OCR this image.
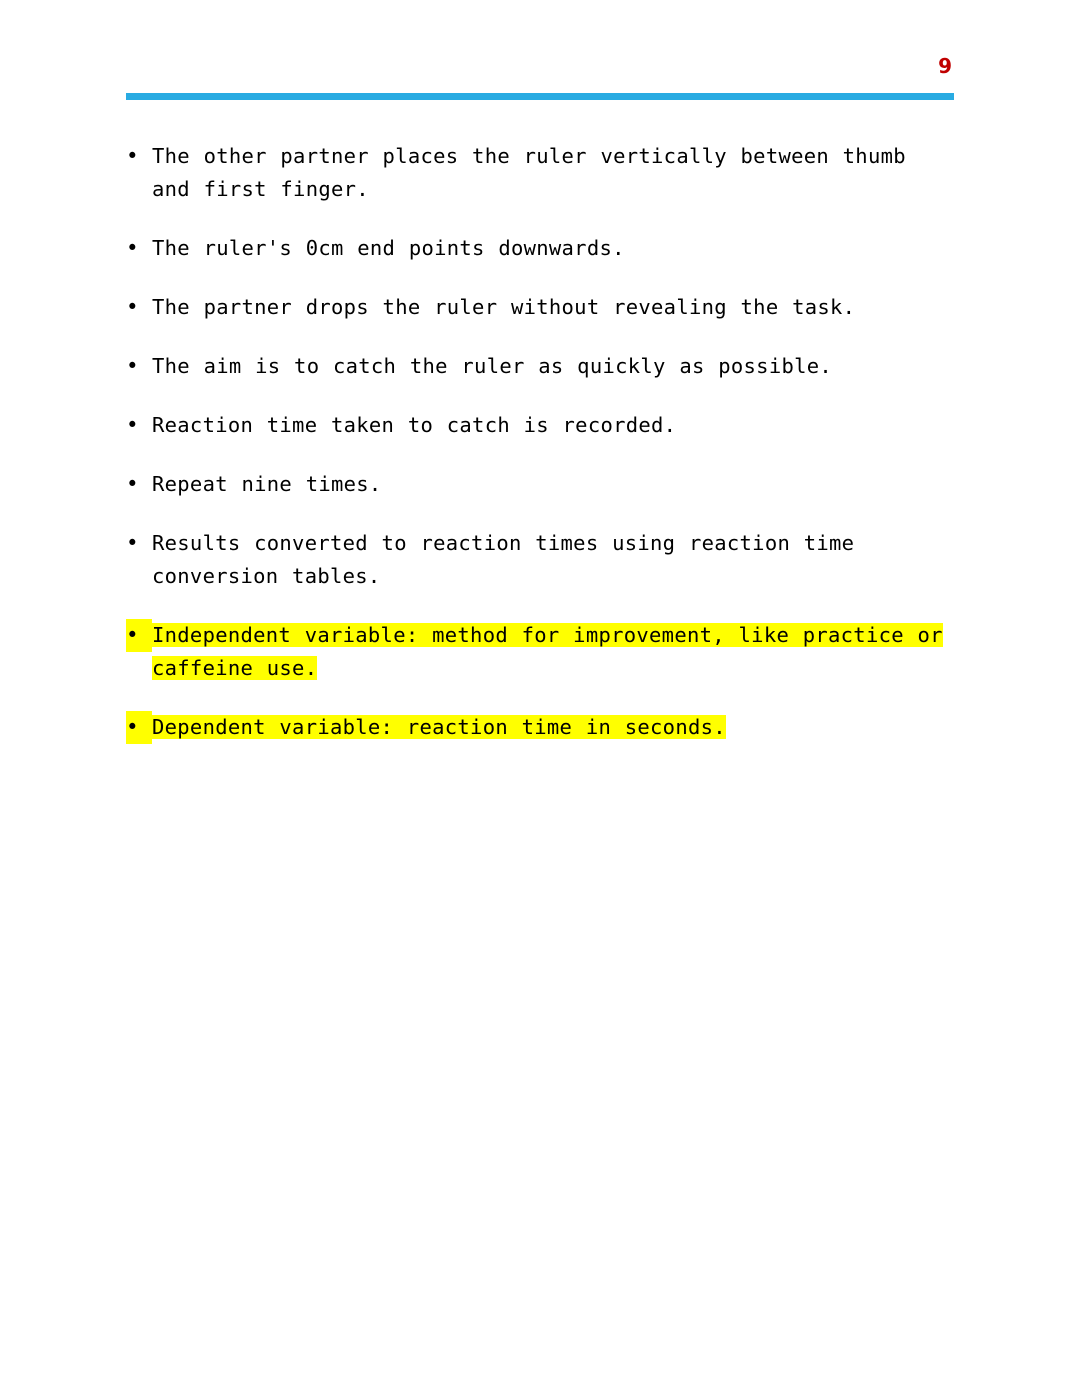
9
• The other partner places the ruler vertically between thumb and first finger.
• The ruler's 0cm end points downwards.
• The partner drops the ruler without revealing the task.
• The aim is to catch the ruler as quickly as possible.
• Reaction time taken to catch is recorded.
• Repeat nine times.
• Results converted to reaction times using reaction time conversion tables.
• Independent variable: method for improvement, like practice or caffeine use.
• Dependent variable: reaction time in seconds.
